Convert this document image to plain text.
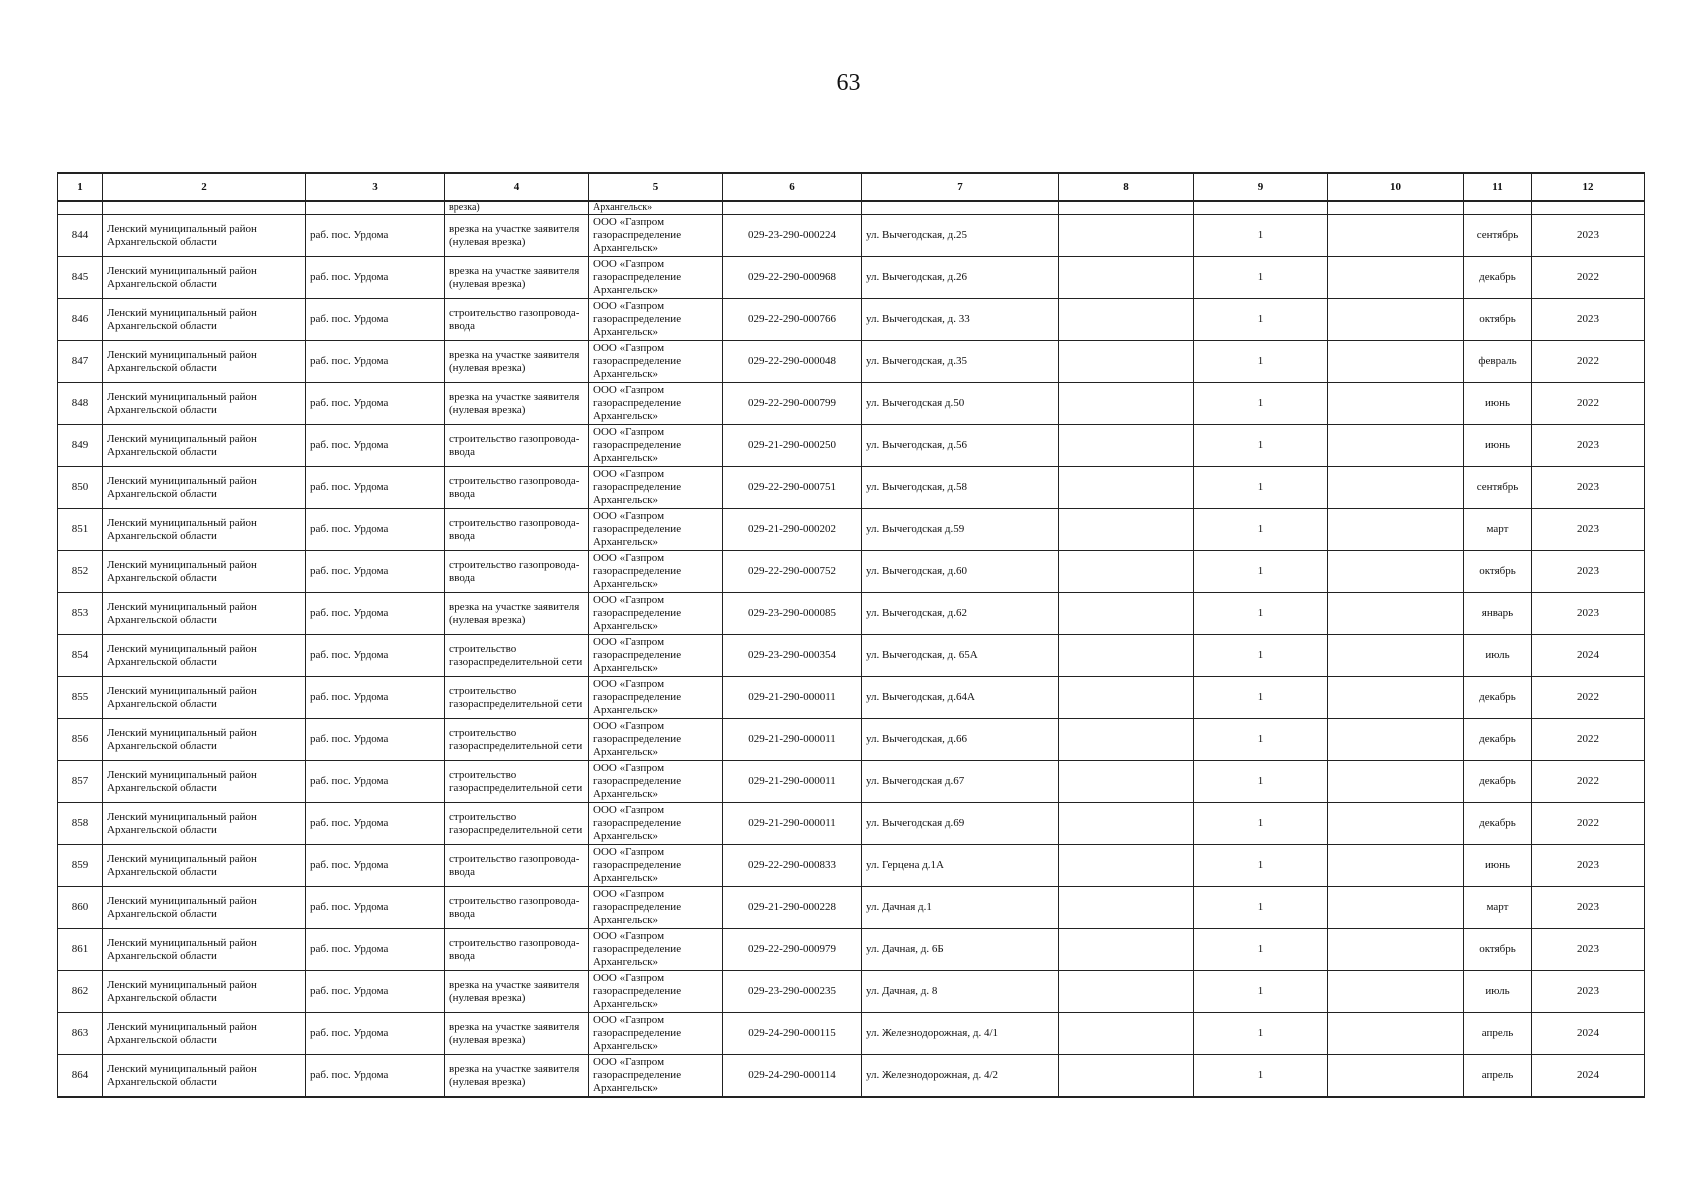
63
1	2	3	4	5	6	7	8	9	10	11	12
			врезка)	Архангельск»							
844	Ленский муниципальный район Архангельской области	раб. пос. Урдома	врезка на участке заявителя (нулевая врезка)	ООО «Газпром газораспределение Архангельск»	029-23-290-000224	ул. Вычегодская, д.25		1		сентябрь	2023
845	Ленский муниципальный район Архангельской области	раб. пос. Урдома	врезка на участке заявителя (нулевая врезка)	ООО «Газпром газораспределение Архангельск»	029-22-290-000968	ул. Вычегодская, д.26		1		декабрь	2022
846	Ленский муниципальный район Архангельской области	раб. пос. Урдома	строительство газопровода-ввода	ООО «Газпром газораспределение Архангельск»	029-22-290-000766	ул. Вычегодская, д. 33		1		октябрь	2023
847	Ленский муниципальный район Архангельской области	раб. пос. Урдома	врезка на участке заявителя (нулевая врезка)	ООО «Газпром газораспределение Архангельск»	029-22-290-000048	ул. Вычегодская, д.35		1		февраль	2022
848	Ленский муниципальный район Архангельской области	раб. пос. Урдома	врезка на участке заявителя (нулевая врезка)	ООО «Газпром газораспределение Архангельск»	029-22-290-000799	ул. Вычегодская д.50		1		июнь	2022
849	Ленский муниципальный район Архангельской области	раб. пос. Урдома	строительство газопровода-ввода	ООО «Газпром газораспределение Архангельск»	029-21-290-000250	ул. Вычегодская, д.56		1		июнь	2023
850	Ленский муниципальный район Архангельской области	раб. пос. Урдома	строительство газопровода-ввода	ООО «Газпром газораспределение Архангельск»	029-22-290-000751	ул. Вычегодская, д.58		1		сентябрь	2023
851	Ленский муниципальный район Архангельской области	раб. пос. Урдома	строительство газопровода-ввода	ООО «Газпром газораспределение Архангельск»	029-21-290-000202	ул. Вычегодская д.59		1		март	2023
852	Ленский муниципальный район Архангельской области	раб. пос. Урдома	строительство газопровода-ввода	ООО «Газпром газораспределение Архангельск»	029-22-290-000752	ул. Вычегодская, д.60		1		октябрь	2023
853	Ленский муниципальный район Архангельской области	раб. пос. Урдома	врезка на участке заявителя (нулевая врезка)	ООО «Газпром газораспределение Архангельск»	029-23-290-000085	ул. Вычегодская, д.62		1		январь	2023
854	Ленский муниципальный район Архангельской области	раб. пос. Урдома	строительство газораспределительной сети	ООО «Газпром газораспределение Архангельск»	029-23-290-000354	ул. Вычегодская, д. 65А		1		июль	2024
855	Ленский муниципальный район Архангельской области	раб. пос. Урдома	строительство газораспределительной сети	ООО «Газпром газораспределение Архангельск»	029-21-290-000011	ул. Вычегодская, д.64А		1		декабрь	2022
856	Ленский муниципальный район Архангельской области	раб. пос. Урдома	строительство газораспределительной сети	ООО «Газпром газораспределение Архангельск»	029-21-290-000011	ул. Вычегодская, д.66		1		декабрь	2022
857	Ленский муниципальный район Архангельской области	раб. пос. Урдома	строительство газораспределительной сети	ООО «Газпром газораспределение Архангельск»	029-21-290-000011	ул. Вычегодская д.67		1		декабрь	2022
858	Ленский муниципальный район Архангельской области	раб. пос. Урдома	строительство газораспределительной сети	ООО «Газпром газораспределение Архангельск»	029-21-290-000011	ул. Вычегодская д.69		1		декабрь	2022
859	Ленский муниципальный район Архангельской области	раб. пос. Урдома	строительство газопровода-ввода	ООО «Газпром газораспределение Архангельск»	029-22-290-000833	ул. Герцена д.1А		1		июнь	2023
860	Ленский муниципальный район Архангельской области	раб. пос. Урдома	строительство газопровода-ввода	ООО «Газпром газораспределение Архангельск»	029-21-290-000228	ул. Дачная д.1		1		март	2023
861	Ленский муниципальный район Архангельской области	раб. пос. Урдома	строительство газопровода-ввода	ООО «Газпром газораспределение Архангельск»	029-22-290-000979	ул. Дачная, д. 6Б		1		октябрь	2023
862	Ленский муниципальный район Архангельской области	раб. пос. Урдома	врезка на участке заявителя (нулевая врезка)	ООО «Газпром газораспределение Архангельск»	029-23-290-000235	ул. Дачная, д. 8		1		июль	2023
863	Ленский муниципальный район Архангельской области	раб. пос. Урдома	врезка на участке заявителя (нулевая врезка)	ООО «Газпром газораспределение Архангельск»	029-24-290-000115	ул. Железнодорожная, д. 4/1		1		апрель	2024
864	Ленский муниципальный район Архангельской области	раб. пос. Урдома	врезка на участке заявителя (нулевая врезка)	ООО «Газпром газораспределение Архангельск»	029-24-290-000114	ул. Железнодорожная, д. 4/2		1		апрель	2024
